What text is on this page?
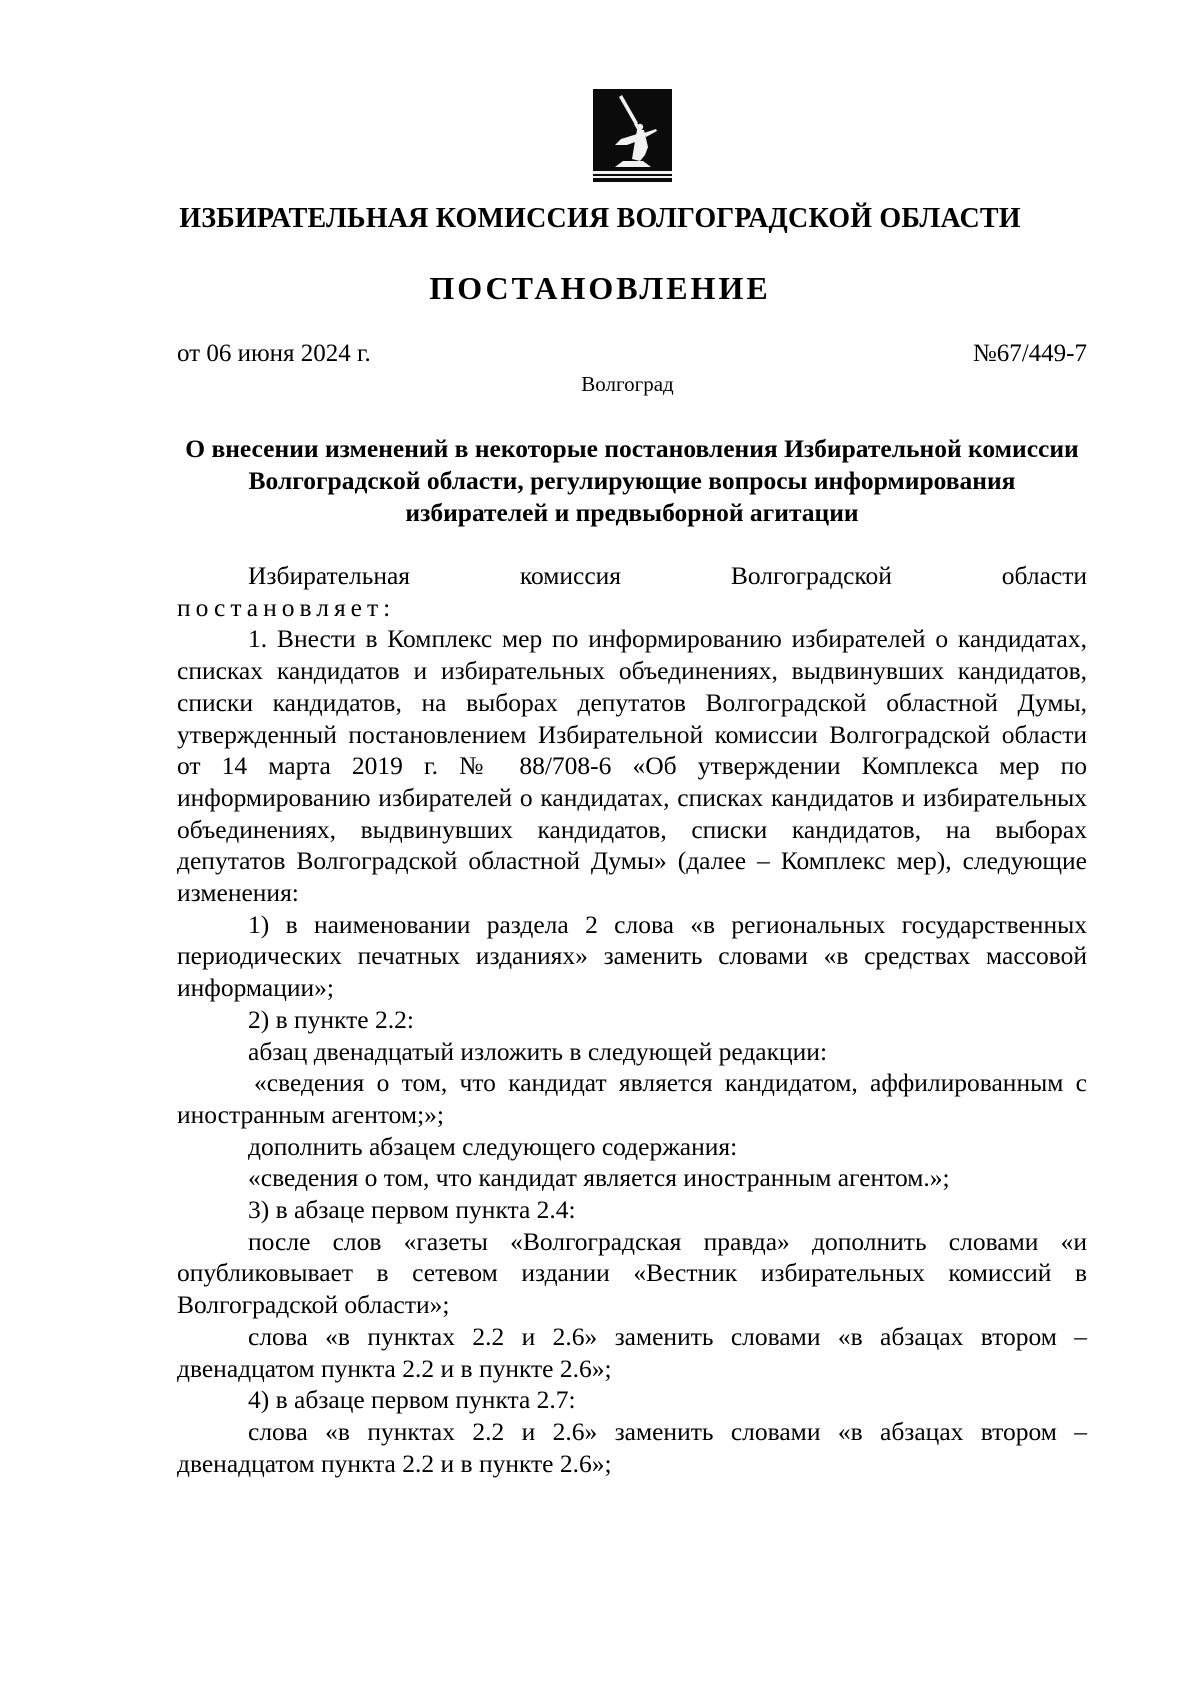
ИЗБИРАТЕЛЬНАЯ КОМИССИЯ ВОЛГОГРАДСКОЙ ОБЛАСТИ
ПОСТАНОВЛЕНИЕ
от 06 июня 2024 г.	№67/449-7
Волгоград
О внесении изменений в некоторые постановления Избирательной комиссии Волгоградской области, регулирующие вопросы информирования избирателей и предвыборной агитации

Избирательная комиссия Волгоградской области

постановляет:

1. Внести в Комплекс мер по информированию избирателей о кандидатах, списках кандидатов и избирательных объединениях, выдвинувших кандидатов, списки кандидатов, на выборах депутатов Волгоградской областной Думы, утвержденный постановлением Избирательной комиссии Волгоградской области от 14 марта 2019 г. № 88/708-6 «Об утверждении Комплекса мер по информированию избирателей о кандидатах, списках кандидатов и избирательных объединениях, выдвинувших кандидатов, списки кандидатов, на выборах депутатов Волгоградской областной Думы» (далее – Комплекс мер), следующие изменения:

1) в наименовании раздела 2 слова «в региональных государственных периодических печатных изданиях» заменить словами «в средствах массовой информации»;

2) в пункте 2.2:

абзац двенадцатый изложить в следующей редакции:

«сведения о том, что кандидат является кандидатом, аффилированным с иностранным агентом;»;

дополнить абзацем следующего содержания:

«сведения о том, что кандидат является иностранным агентом.»;

3) в абзаце первом пункта 2.4:

после слов «газеты «Волгоградская правда» дополнить словами «и опубликовывает в сетевом издании «Вестник избирательных комиссий в Волгоградской области»;

слова «в пунктах 2.2 и 2.6» заменить словами «в абзацах втором – двенадцатом пункта 2.2 и в пункте 2.6»;

4) в абзаце первом пункта 2.7:

слова «в пунктах 2.2 и 2.6» заменить словами «в абзацах втором – двенадцатом пункта 2.2 и в пункте 2.6»;
